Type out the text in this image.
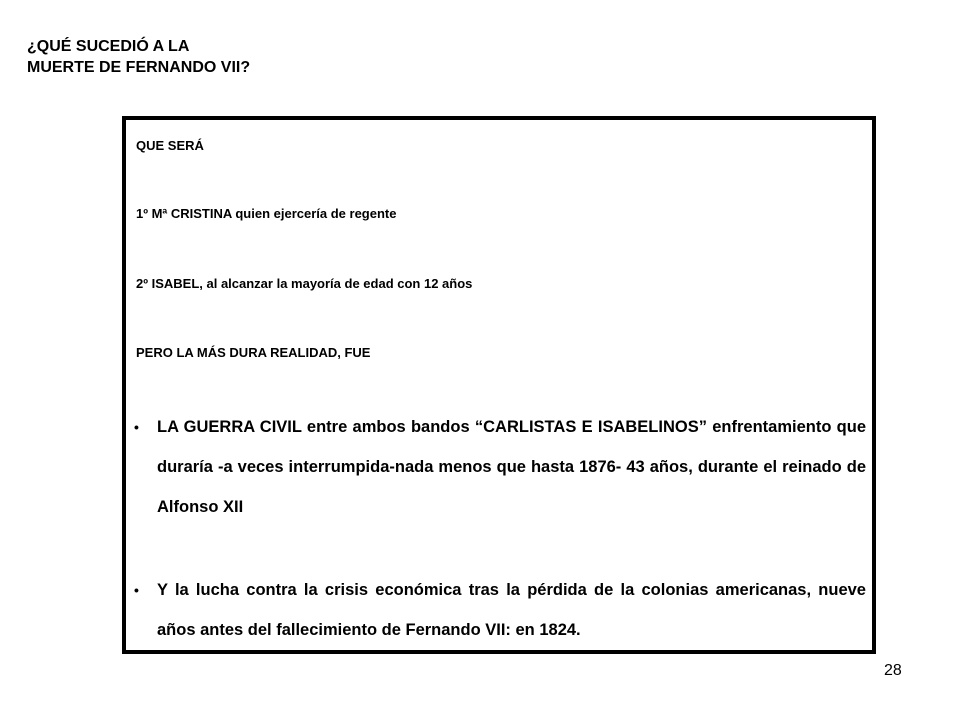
¿QUÉ SUCEDIÓ A LA
MUERTE DE FERNANDO VII?
QUE SERÁ
1º Mª CRISTINA quien ejercería de regente
2º ISABEL, al alcanzar la mayoría de edad con 12 años
PERO LA MÁS DURA REALIDAD, FUE
•	LA GUERRA CIVIL entre ambos bandos “CARLISTAS E ISABELINOS” enfrentamiento que duraría -a veces interrumpida-nada menos que hasta 1876- 43 años, durante el reinado de Alfonso XII
•	Y la lucha contra la crisis económica tras la pérdida de la colonias americanas, nueve años antes del fallecimiento de Fernando VII: en 1824.
28
